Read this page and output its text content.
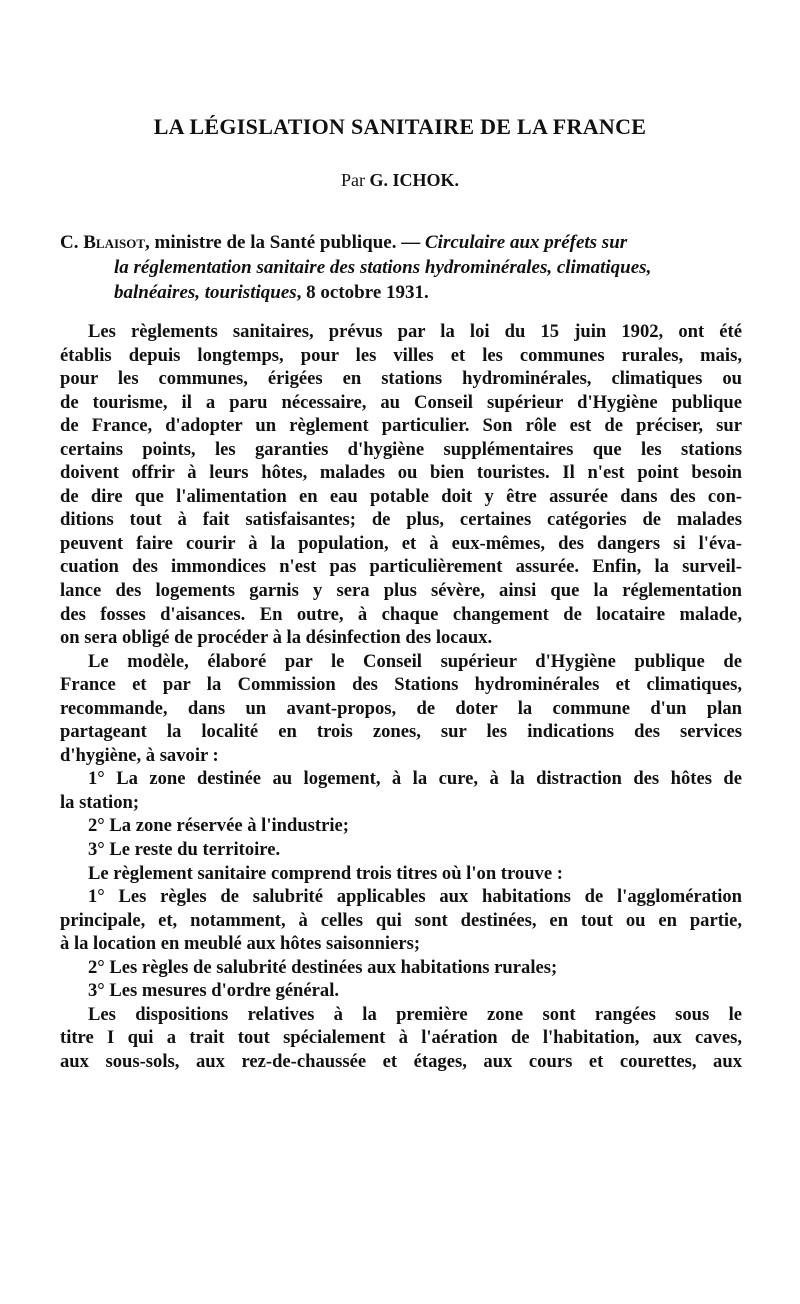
LA LÉGISLATION SANITAIRE DE LA FRANCE
Par G. ICHOK.
C. Blaisot, ministre de la Santé publique. — Circulaire aux préfets sur
la réglementation sanitaire des stations hydrominérales, climatiques,
balnéaires, touristiques, 8 octobre 1931.
Les règlements sanitaires, prévus par la loi du 15 juin 1902, ont été
établis depuis longtemps, pour les villes et les communes rurales, mais,
pour les communes, érigées en stations hydrominérales, climatiques ou
de tourisme, il a paru nécessaire, au Conseil supérieur d'Hygiène publique
de France, d'adopter un règlement particulier. Son rôle est de préciser, sur
certains points, les garanties d'hygiène supplémentaires que les stations
doivent offrir à leurs hôtes, malades ou bien touristes. Il n'est point besoin
de dire que l'alimentation en eau potable doit y être assurée dans des con-
ditions tout à fait satisfaisantes; de plus, certaines catégories de malades
peuvent faire courir à la population, et à eux-mêmes, des dangers si l'éva-
cuation des immondices n'est pas particulièrement assurée. Enfin, la surveil-
lance des logements garnis y sera plus sévère, ainsi que la réglementation
des fosses d'aisances. En outre, à chaque changement de locataire malade,
on sera obligé de procéder à la désinfection des locaux.
Le modèle, élaboré par le Conseil supérieur d'Hygiène publique de
France et par la Commission des Stations hydrominérales et climatiques,
recommande, dans un avant-propos, de doter la commune d'un plan
partageant la localité en trois zones, sur les indications des services
d'hygiène, à savoir :
1° La zone destinée au logement, à la cure, à la distraction des hôtes de
la station;
2° La zone réservée à l'industrie;
3° Le reste du territoire.
Le règlement sanitaire comprend trois titres où l'on trouve :
1° Les règles de salubrité applicables aux habitations de l'agglomération
principale, et, notamment, à celles qui sont destinées, en tout ou en partie,
à la location en meublé aux hôtes saisonniers;
2° Les règles de salubrité destinées aux habitations rurales;
3° Les mesures d'ordre général.
Les dispositions relatives à la première zone sont rangées sous le
titre I qui a trait tout spécialement à l'aération de l'habitation, aux caves,
aux sous-sols, aux rez-de-chaussée et étages, aux cours et courettes, aux
